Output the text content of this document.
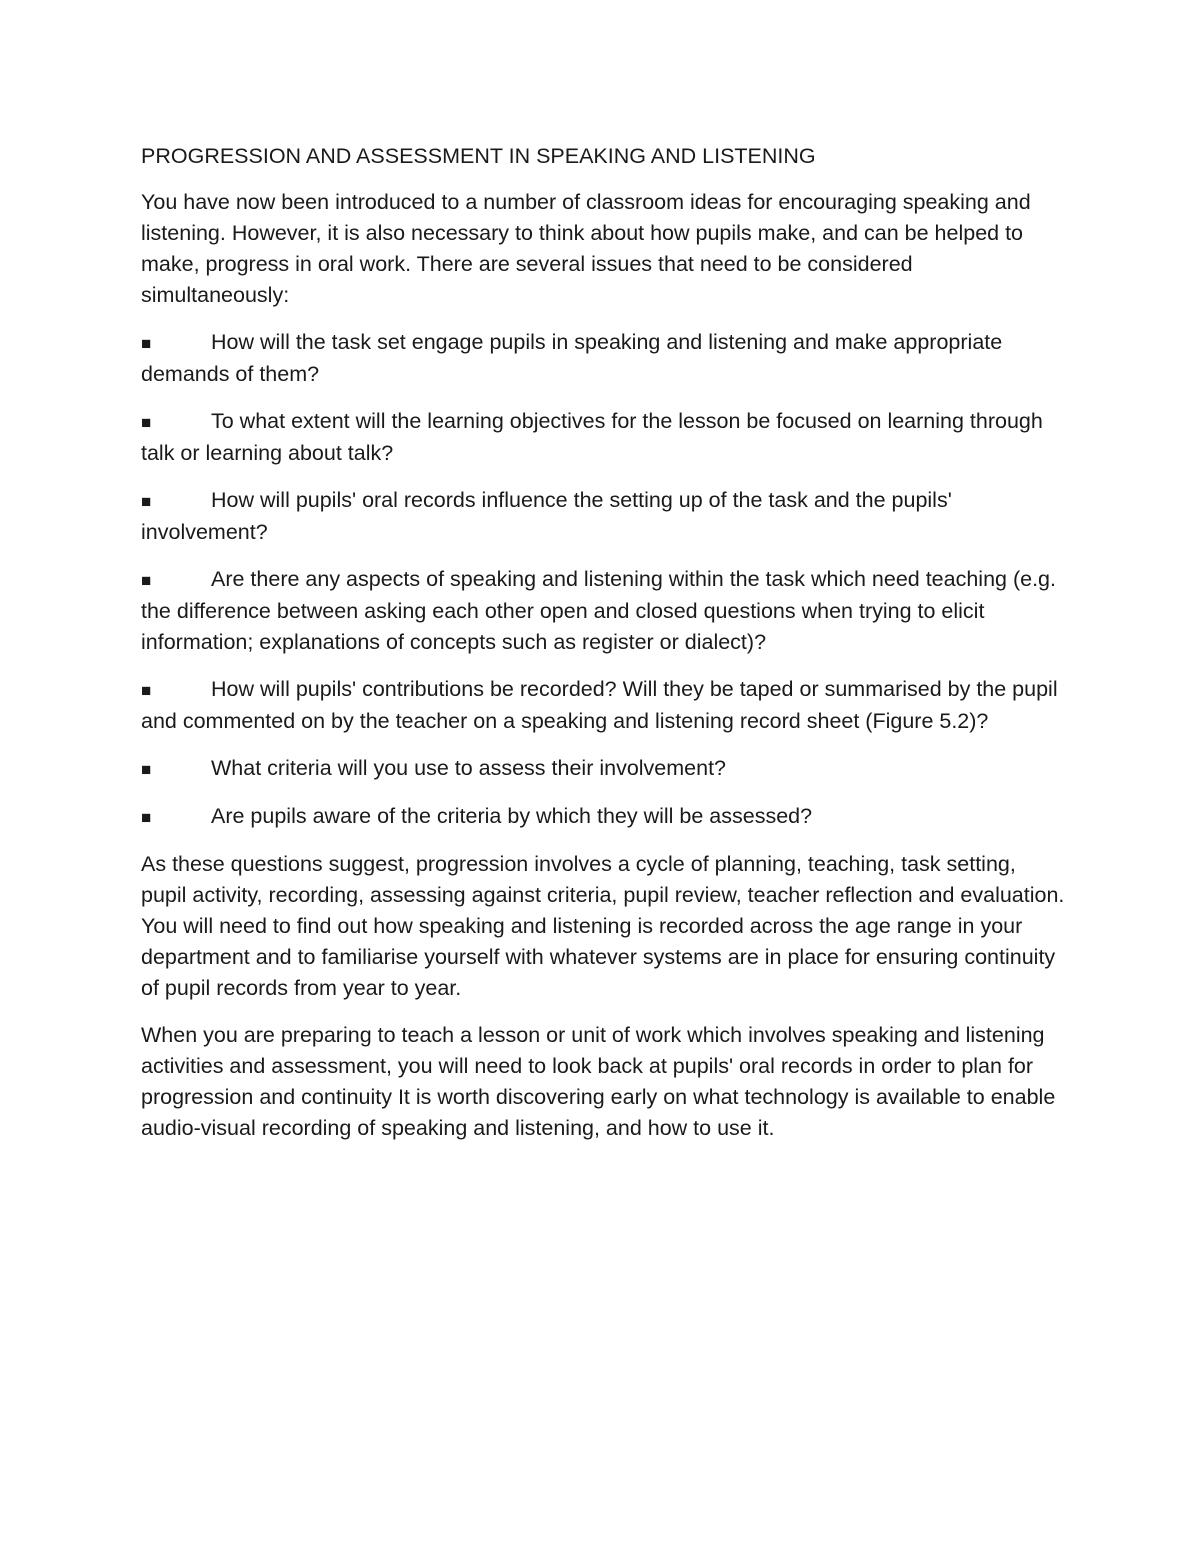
PROGRESSION AND ASSESSMENT IN SPEAKING AND LISTENING

You have now been introduced to a number of classroom ideas for encouraging speaking and listening. However, it is also necessary to think about how pupils make, and can be helped to make, progress in oral work. There are several issues that need to be considered simultaneously:

■	How will the task set engage pupils in speaking and listening and make appropriate demands of them?
■	To what extent will the learning objectives for the lesson be focused on learning through talk or learning about talk?
■	How will pupils' oral records influence the setting up of the task and the pupils' involvement?
■	Are there any aspects of speaking and listening within the task which need teaching (e.g. the difference between asking each other open and closed questions when trying to elicit information; explanations of concepts such as register or dialect)?
■	How will pupils' contributions be recorded? Will they be taped or summarised by the pupil and commented on by the teacher on a speaking and listening record sheet (Figure 5.2)?
■	What criteria will you use to assess their involvement?
■	Are pupils aware of the criteria by which they will be assessed?

As these questions suggest, progression involves a cycle of planning, teaching, task setting, pupil activity, recording, assessing against criteria, pupil review, teacher reflection and evaluation. You will need to find out how speaking and listening is recorded across the age range in your department and to familiarise yourself with whatever systems are in place for ensuring continuity of pupil records from year to year.

When you are preparing to teach a lesson or unit of work which involves speaking and listening activities and assessment, you will need to look back at pupils' oral records in order to plan for progression and continuity It is worth discovering early on what technology is available to enable audio-visual recording of speaking and listening, and how to use it.
